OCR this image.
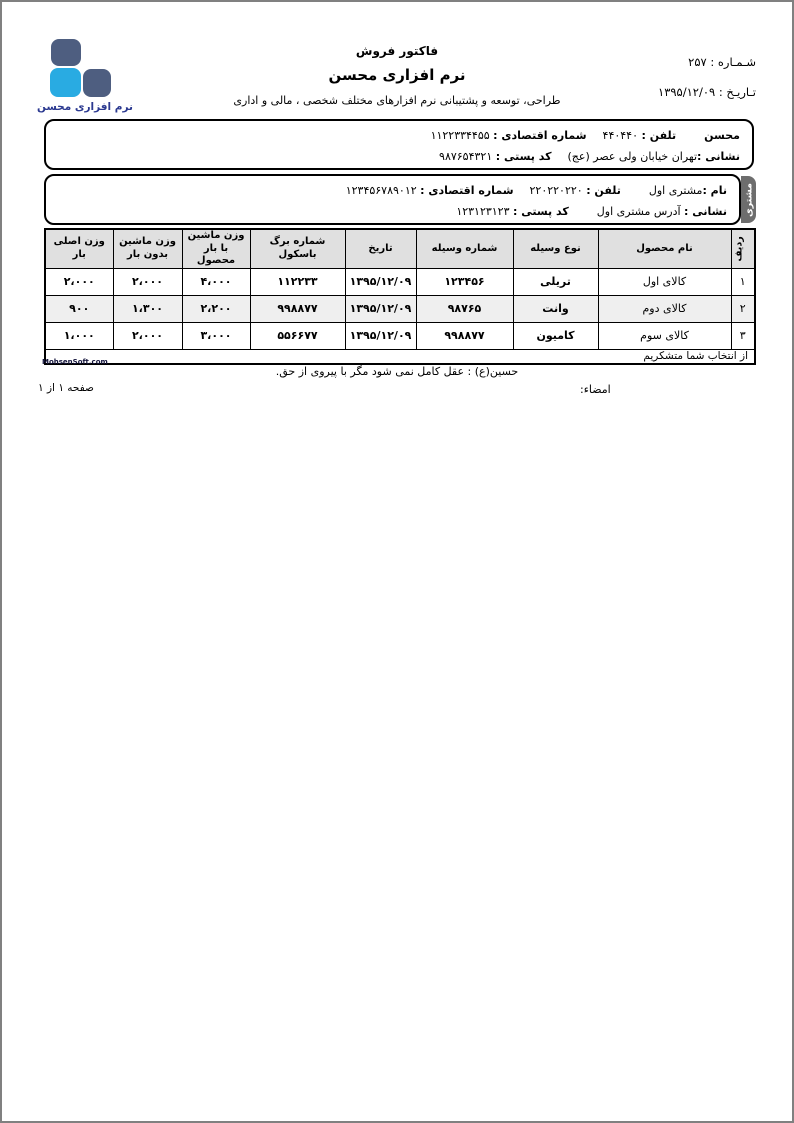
نرم افزاری محسن
فاکتور فروش
نرم افزاری محسن
طراحی، توسعه و پشتیبانی نرم افزارهای مختلف شخصی ، مالی و اداری
شـمـاره : ۲۵۷
تـاریـخ : ۱۳۹۵/۱۲/۰۹
محسنتلفن : ۴۴۰۴۴۰شماره اقتصادی : ۱۱۲۲۳۳۴۴۵۵
نشانی :تهران خیابان ولی عصر (عج)کد پستی : ۹۸۷۶۵۴۳۲۱
نام :مشتری اولتلفن : ۲۲۰۲۲۰۲۲۰شماره اقتصادی : ۱۲۳۴۵۶۷۸۹۰۱۲
نشانی : آدرس مشتری اولکد پستی : ۱۲۳۱۲۳۱۲۳	مشتری
ردیف	نام محصول	نوع وسیله	شماره وسیله	تاریخ	شماره برگ باسکول	وزن ماشین با بار محصول	وزن ماشین بدون بار	وزن اصلی بار
۱	کالای اول	تریلی	۱۲۳۴۵۶	۱۳۹۵/۱۲/۰۹	۱۱۲۲۳۳	۴،۰۰۰	۲،۰۰۰	۲،۰۰۰
۲	کالای دوم	وانت	۹۸۷۶۵	۱۳۹۵/۱۲/۰۹	۹۹۸۸۷۷	۲،۲۰۰	۱،۳۰۰	۹۰۰
۳	کالای سوم	کامیون	۹۹۸۸۷۷	۱۳۹۵/۱۲/۰۹	۵۵۶۶۷۷	۳،۰۰۰	۲،۰۰۰	۱،۰۰۰
از انتخاب شما متشکریم								
MohsenSoft.com
حسین(ع) : عقل کامل نمی شود مگر با پیروی از حق.
امضاء:
صفحه ۱ از ۱
